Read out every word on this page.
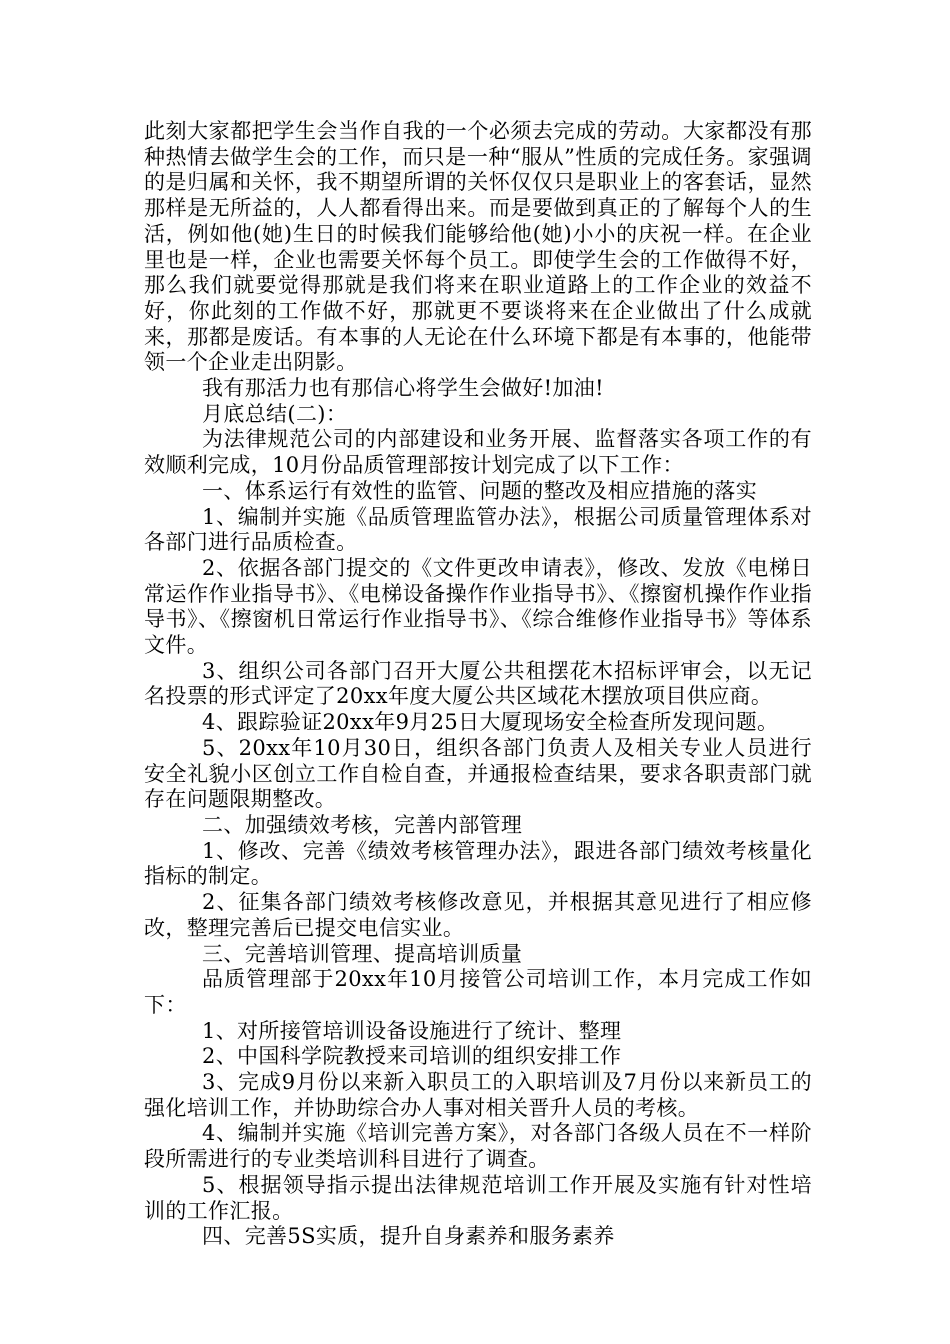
此刻大家都把学生会当作自我的一个必须去完成的劳动。大家都没有那种热情去做学生会的工作，而只是一种“服从”性质的完成任务。家强调的是归属和关怀，我不期望所谓的关怀仅仅只是职业上的客套话，显然那样是无所益的，人人都看得出来。而是要做到真正的了解每个人的生活，例如他(她)生日的时候我们能够给他(她)小小的庆祝一样。在企业里也是一样，企业也需要关怀每个员工。即使学生会的工作做得不好，那么我们就要觉得那就是我们将来在职业道路上的工作企业的效益不好，你此刻的工作做不好，那就更不要谈将来在企业做出了什么成就来，那都是废话。有本事的人无论在什么环境下都是有本事的，他能带领一个企业走出阴影。

我有那活力也有那信心将学生会做好!加油!

月底总结(二)：

为法律规范公司的内部建设和业务开展、监督落实各项工作的有效顺利完成，10月份品质管理部按计划完成了以下工作：

一、体系运行有效性的监管、问题的整改及相应措施的落实

1、编制并实施《品质管理监管办法》，根据公司质量管理体系对各部门进行品质检查。

2、依据各部门提交的《文件更改申请表》，修改、发放《电梯日常运作作业指导书》、《电梯设备操作作业指导书》、《擦窗机操作作业指导书》、《擦窗机日常运行作业指导书》、《综合维修作业指导书》等体系文件。

3、组织公司各部门召开大厦公共租摆花木招标评审会，以无记名投票的形式评定了20xx年度大厦公共区域花木摆放项目供应商。

4、跟踪验证20xx年9月25日大厦现场安全检查所发现问题。

5、20xx年10月30日，组织各部门负责人及相关专业人员进行安全礼貌小区创立工作自检自查，并通报检查结果，要求各职责部门就存在问题限期整改。

二、加强绩效考核，完善内部管理

1、修改、完善《绩效考核管理办法》，跟进各部门绩效考核量化指标的制定。

2、征集各部门绩效考核修改意见，并根据其意见进行了相应修改，整理完善后已提交电信实业。

三、完善培训管理、提高培训质量

品质管理部于20xx年10月接管公司培训工作，本月完成工作如下：

1、对所接管培训设备设施进行了统计、整理

2、中国科学院教授来司培训的组织安排工作

3、完成9月份以来新入职员工的入职培训及7月份以来新员工的强化培训工作，并协助综合办人事对相关晋升人员的考核。

4、编制并实施《培训完善方案》，对各部门各级人员在不一样阶段所需进行的专业类培训科目进行了调查。

5、根据领导指示提出法律规范培训工作开展及实施有针对性培训的工作汇报。

四、完善5S实质，提升自身素养和服务素养
